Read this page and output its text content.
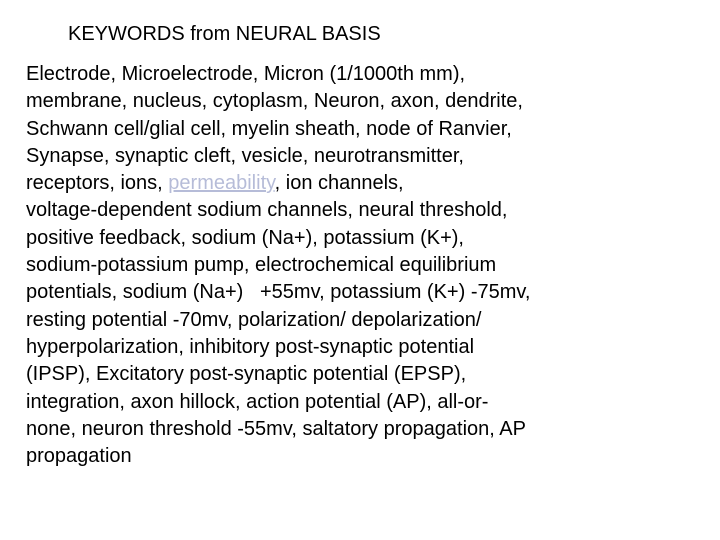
KEYWORDS from NEURAL BASIS
Electrode, Microelectrode, Micron (1/1000th mm),
membrane, nucleus, cytoplasm, Neuron, axon, dendrite,
Schwann cell/glial cell, myelin sheath, node of Ranvier,
Synapse, synaptic cleft, vesicle, neurotransmitter,
receptors, ions, permeability, ion channels,
voltage-dependent sodium channels, neural threshold,
positive feedback, sodium (Na+), potassium (K+),
sodium-potassium pump, electrochemical equilibrium
potentials, sodium (Na+)   +55mv, potassium (K+) -75mv,
resting potential -70mv, polarization/ depolarization/
hyperpolarization, inhibitory post-synaptic potential
(IPSP), Excitatory post-synaptic potential (EPSP),
integration, axon hillock, action potential (AP), all-or-
none, neuron threshold -55mv, saltatory propagation, AP
propagation
